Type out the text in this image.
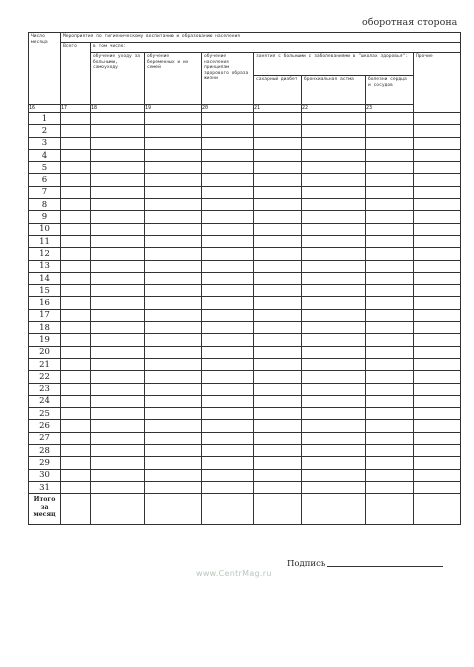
оборотная сторона
Число месяца	Мероприятия по гигиеническому воспитанию и образованию населения								
	Всего	в том числе:							
		обучение уходу за больными, самоуходу	обучение беременных и их семей	обучение населения принципам здорового образа жизни	занятия с больными с заболеваниями в "школах здоровья":			Прочие	
					сахарный диабет	бронхиальная астма	болезни сердца и сосудов		
16	17	18	19	20	21	22	23	
1									
2									
3									
4									
5									
6									
7									
8									
9									
10									
11									
12									
13									
14									
15									
16									
17									
18									
19									
20									
21									
22									
23									
24									
25									
26									
27									
28									
29									
30									
31									
Итого за месяц									
Подпись
www.CentrMag.ru
